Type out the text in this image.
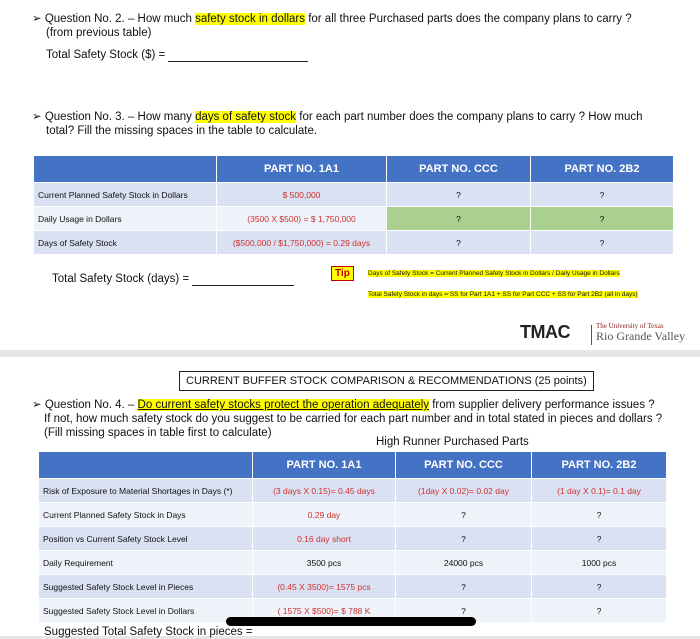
➢ Question No. 2. – How much safety stock in dollars for all three Purchased parts does the company plans to carry ?
(from previous table)
Total Safety Stock ($) =
➢ Question No. 3. – How many days of safety stock for each part number does the company plans to carry ? How much
total? Fill the missing spaces in the table to calculate.
	PART NO. 1A1	PART NO. CCC	PART NO. 2B2
Current Planned Safety Stock in Dollars	$ 500,000	?	?
Daily Usage in Dollars	(3500 X $500) = $ 1,750,000	?	?
Days of Safety Stock	($500,000 / $1,750,000) = 0.29 days	?	?
Total Safety Stock (days) =	Tip	Days of Safety Stock = Current Planned Safety Stock in Dollars / Daily Usage in Dollars
Total Safety Stock in days = SS for Part 1A1 + SS for Part CCC + SS for Part 2B2 (all in days)
TMAC	The University of Texas
Rio Grande Valley
CURRENT BUFFER STOCK COMPARISON & RECOMMENDATIONS (25 points)
➢ Question No. 4. – Do current safety stocks protect the operation adequately from supplier delivery performance issues ?
If not, how much safety stock do you suggest to be carried for each part number and in total stated in pieces and dollars ?
(Fill missing spaces in table first to calculate)
High Runner Purchased Parts
	PART NO. 1A1	PART NO. CCC	PART NO. 2B2
Risk of Exposure to Material Shortages in Days (*)	(3 days X 0.15)= 0.45 days	(1day X 0.02)= 0.02 day	(1 day X 0.1)= 0.1 day
Current Planned Safety Stock in Days	0.29 day	?	?
Position vs Current Safety Stock Level	0.16 day short	?	?
Daily Requirement	3500 pcs	24000 pcs	1000 pcs
Suggested Safety Stock Level in Pieces	(0.45 X 3500)= 1575 pcs	?	?
Suggested Safety Stock Level in Dollars	( 1575 X $500)= $ 788 K	?	?
Suggested Total Safety Stock in pieces =
